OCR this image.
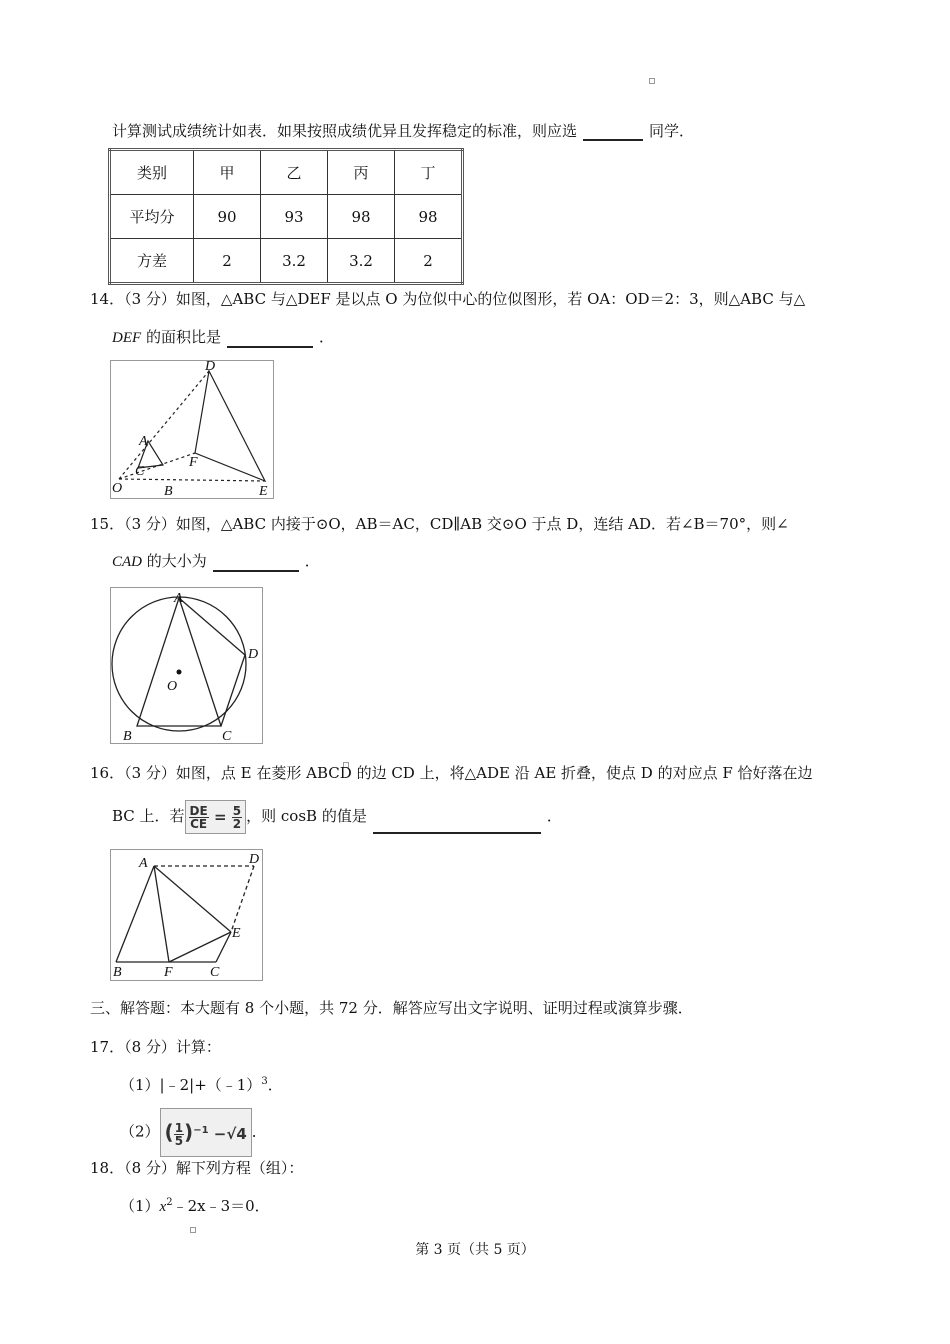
计算测试成绩统计如表．如果按照成绩优异且发挥稳定的标准，则应选	同学．
类别	甲	乙	丙	丁
平均分	90	93	98	98
方差	2	3.2	3.2	2
14．（3 分）如图，△ABC 与△DEF 是以点 O 为位似中心的位似图形，若 OA：OD＝2：3，则△ABC 与△
DEF 的面积比是	．
D
A
C
F
O	B	E
15．（3 分）如图，△ABC 内接于⊙O，AB＝AC，CD∥AB 交⊙O 于点 D，连结 AD．若∠B＝70°，则∠
CAD 的大小为	．
A
D
O
B	C
16．（3 分）如图，点 E 在菱形 ABCD 的边 CD 上，将△ADE 沿 AE 折叠，使点 D 的对应点 F 恰好落在边
BC 上．若 $\frac{DE}{CE} = \frac{5}{2}$ ，则 cosB 的值是	．
A	D
E
B	F	C
三、解答题：本大题有 8 个小题，共 72 分．解答应写出文字说明、证明过程或演算步骤．
17．（8 分）计算：
（1）|﹣2|+（﹣1）$^3$．
（2） ( $\frac{1}{5} )^{-1} -√4$ ．
18．（8 分）解下列方程（组）：
$(1)x^2﹣2x﹣3=0$．
第 3 页（共 5 页）
